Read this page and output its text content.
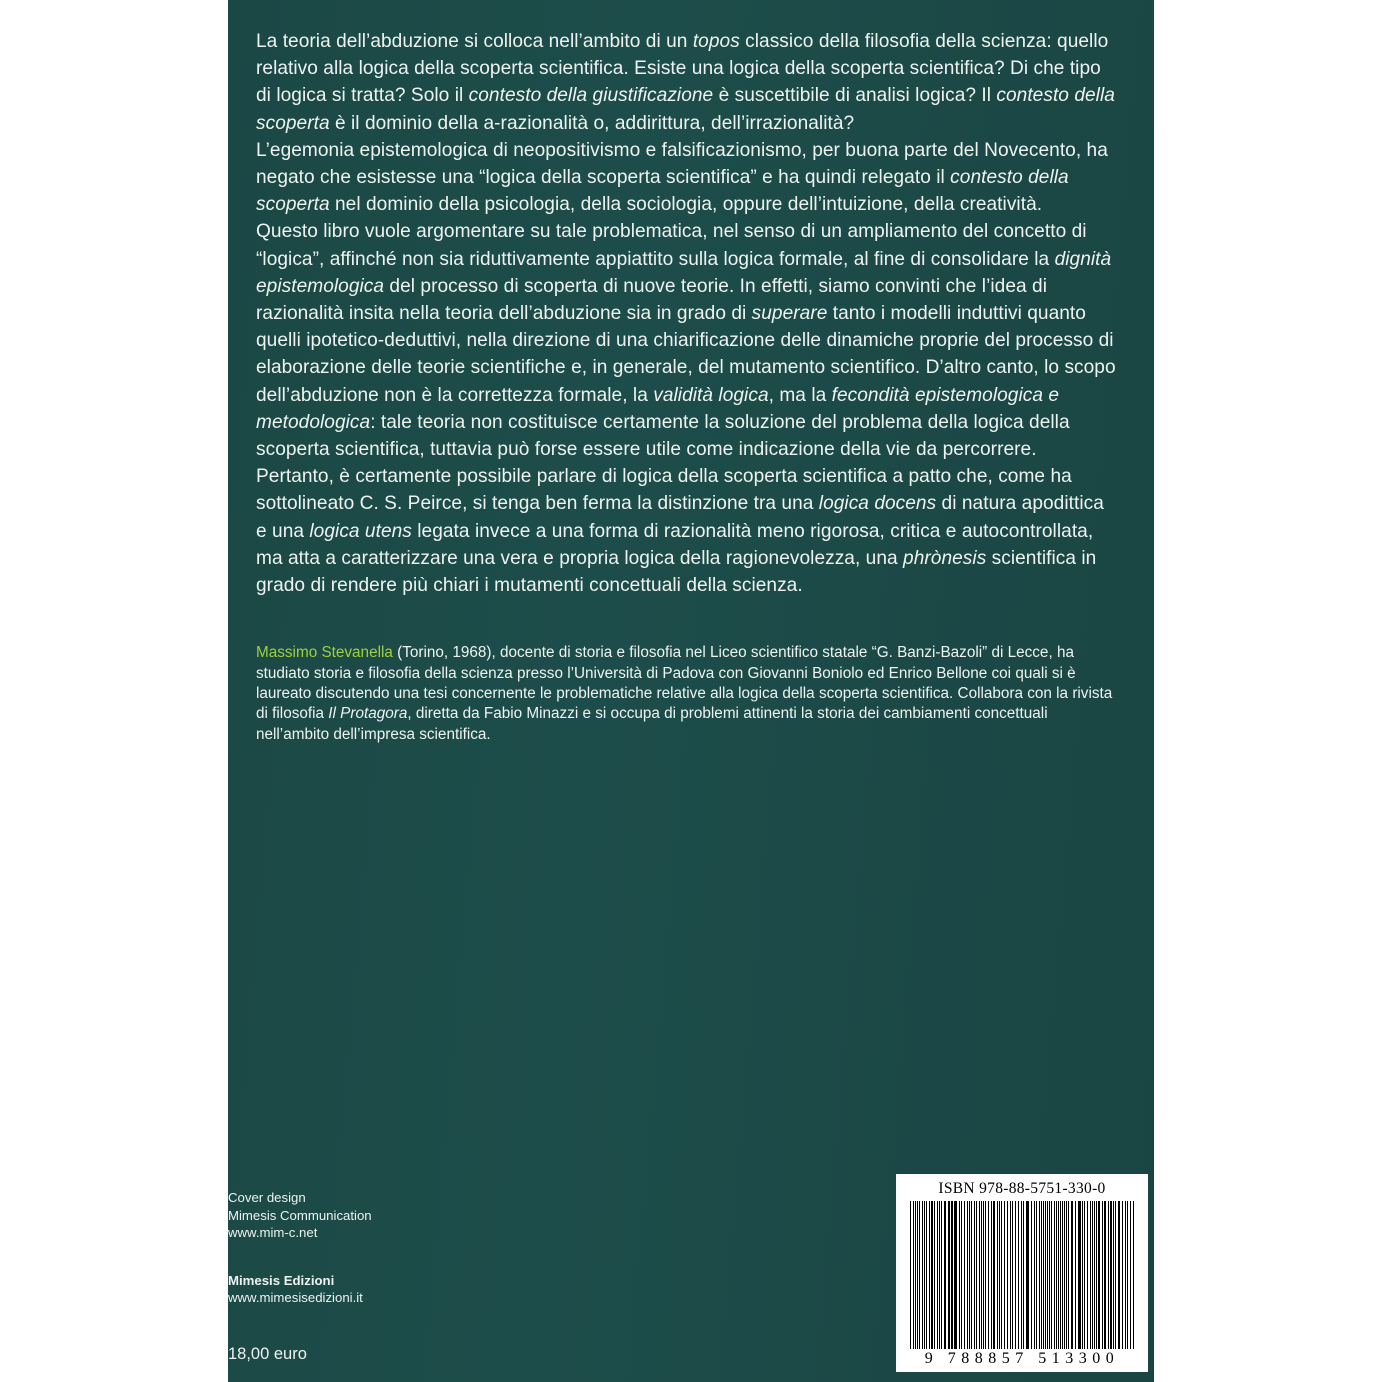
La teoria dell’abduzione si colloca nell’ambito di un topos classico della filosofia della scienza: quello relativo alla logica della scoperta scientifica. Esiste una logica della scoperta scientifica? Di che tipo di logica si tratta? Solo il contesto della giustificazione è suscettibile di analisi logica? Il contesto della scoperta è il dominio della a-razionalità o, addirittura, dell’irrazionalità?

L’egemonia epistemologica di neopositivismo e falsificazionismo, per buona parte del Novecento, ha negato che esistesse una “logica della scoperta scientifica” e ha quindi relegato il contesto della scoperta nel dominio della psicologia, della sociologia, oppure dell’intuizione, della creatività.

Questo libro vuole argomentare su tale problematica, nel senso di un ampliamento del concetto di “logica”, affinché non sia riduttivamente appiattito sulla logica formale, al fine di consolidare la dignità epistemologica del processo di scoperta di nuove teorie. In effetti, siamo convinti che l’idea di razionalità insita nella teoria dell’abduzione sia in grado di superare tanto i modelli induttivi quanto quelli ipotetico-deduttivi, nella direzione di una chiarificazione delle dinamiche proprie del processo di elaborazione delle teorie scientifiche e, in generale, del mutamento scientifico. D’altro canto, lo scopo dell’abduzione non è la correttezza formale, la validità logica, ma la fecondità epistemologica e metodologica: tale teoria non costituisce certamente la soluzione del problema della logica della scoperta scientifica, tuttavia può forse essere utile come indicazione della vie da percorrere. Pertanto, è certamente possibile parlare di logica della scoperta scientifica a patto che, come ha sottolineato C. S. Peirce, si tenga ben ferma la distinzione tra una logica docens di natura apodittica e una logica utens legata invece a una forma di razionalità meno rigorosa, critica e autocontrollata, ma atta a caratterizzare una vera e propria logica della ragionevolezza, una phrònesis scientifica in grado di rendere più chiari i mutamenti concettuali della scienza.

Massimo Stevanella (Torino, 1968), docente di storia e filosofia nel Liceo scientifico statale “G. Banzi-Bazoli” di Lecce, ha studiato storia e filosofia della scienza presso l’Università di Padova con Giovanni Boniolo ed Enrico Bellone coi quali si è laureato discutendo una tesi concernente le problematiche relative alla logica della scoperta scientifica. Collabora con la rivista di filosofia Il Protagora, diretta da Fabio Minazzi e si occupa di problemi attinenti la storia dei cambiamenti concettuali nell’ambito dell’impresa scientifica.
Cover design
Mimesis Communication
www.mim-c.net
Mimesis Edizioni
www.mimesisedizioni.it
18,00 euro
ISBN 978-88-5751-330-0
9 788857 513300
